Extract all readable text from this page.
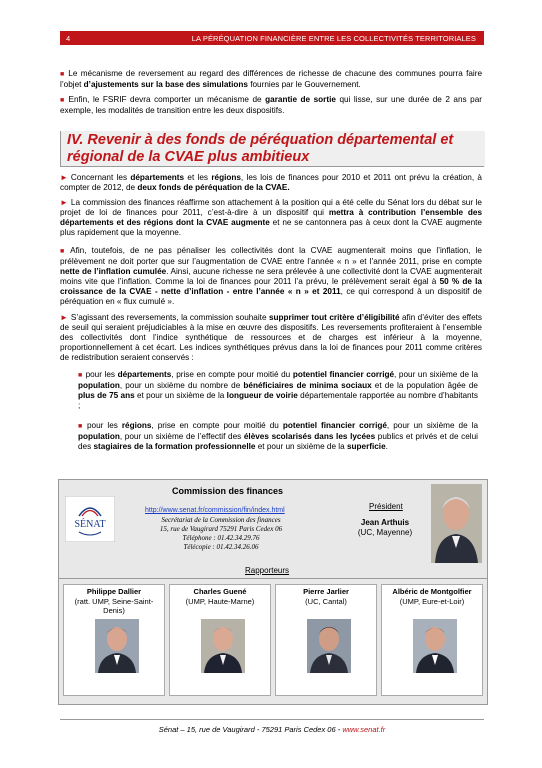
4	LA PÉRÉQUATION FINANCIÈRE ENTRE LES COLLECTIVITÉS TERRITORIALES
■ Le mécanisme de reversement au regard des différences de richesse de chacune des communes pourra faire l’objet d’ajustements sur la base des simulations fournies par le Gouvernement.
■ Enfin, le FSRIF devra comporter un mécanisme de garantie de sortie qui lisse, sur une durée de 2 ans par exemple, les modalités de transition entre les deux dispositifs.
IV. Revenir à des fonds de péréquation départemental et régional de la CVAE plus ambitieux
► Concernant les départements et les régions, les lois de finances pour 2010 et 2011 ont prévu la création, à compter de 2012, de deux fonds de péréquation de la CVAE.
► La commission des finances réaffirme son attachement à la position qui a été celle du Sénat lors du débat sur le projet de loi de finances pour 2011, c’est-à-dire à un dispositif qui mettra à contribution l’ensemble des départements et des régions dont la CVAE augmente et ne se cantonnera pas à ceux dont la CVAE augmente plus rapidement que la moyenne.
■ Afin, toutefois, de ne pas pénaliser les collectivités dont la CVAE augmenterait moins que l’inflation, le prélèvement ne doit porter que sur l’augmentation de CVAE entre l’année « n » et l’année 2011, prise en compte nette de l’inflation cumulée. Ainsi, aucune richesse ne sera prélevée à une collectivité dont la CVAE augmenterait moins vite que l’inflation. Comme la loi de finances pour 2011 l’a prévu, le prélèvement serait égal à 50 % de la croissance de la CVAE - nette d’inflation - entre l’année « n » et 2011, ce qui correspond à un dispositif de péréquation en « flux cumulé ».
► S’agissant des reversements, la commission souhaite supprimer tout critère d’éligibilité afin d’éviter des effets de seuil qui seraient préjudiciables à la mise en œuvre des dispositifs. Les reversements profiteraient à l’ensemble des collectivités dont l’indice synthétique de ressources et de charges est inférieur à la moyenne, proportionnellement à cet écart. Les indices synthétiques prévus dans la loi de finances pour 2011 comme critères de redistribution seraient conservés :
■ pour les départements, prise en compte pour moitié du potentiel financier corrigé, pour un sixième de la population, pour un sixième du nombre de bénéficiaires de minima sociaux et de la population âgée de plus de 75 ans et pour un sixième de la longueur de voirie départementale rapportée au nombre d’habitants ;
■ pour les régions, prise en compte pour moitié du potentiel financier corrigé, pour un sixième de la population, pour un sixième de l’effectif des élèves scolarisés dans les lycées publics et privés et de celui des stagiaires de la formation professionnelle et pour un sixième de la superficie.
SÉNAT
Commission des finances
http://www.senat.fr/commission/fin/index.html
Secrétariat de la Commission des finances
15, rue de Vaugirard 75291 Paris Cedex 06
Téléphone : 01.42.34.29.76
Télécopie : 01.42.34.26.06
Président
Jean Arthuis
(UC, Mayenne)
Rapporteurs
Philippe Dallier
(ratt. UMP, Seine-Saint-Denis)
Charles Guené
(UMP, Haute-Marne)
Pierre Jarlier
(UC, Cantal)
Albéric de Montgolfier
(UMP, Eure-et-Loir)
Sénat – 15, rue de Vaugirard - 75291 Paris Cedex 06 - www.senat.fr
